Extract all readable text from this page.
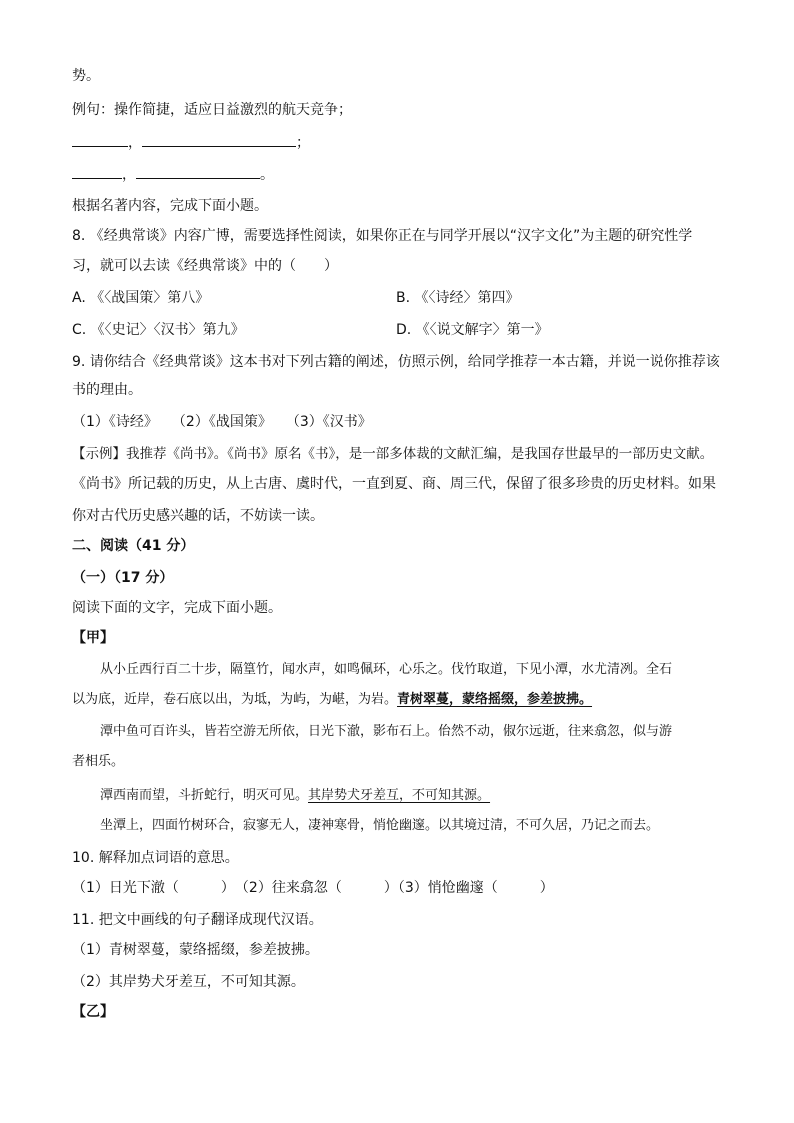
势。
例句：操作简捷，适应日益激烈的航天竞争；
，	；
，	。
根据名著内容，完成下面小题。
8. 《经典常谈》内容广博，需要选择性阅读，如果你正在与同学开展以“汉字文化”为主题的研究性学
习，就可以去读《经典常谈》中的（　　）
A. 《〈战国策〉第八》	B. 《〈诗经〉第四》
C. 《〈史记〉〈汉书〉第九》	D. 《〈说文解字〉第一》
9. 请你结合《经典常谈》这本书对下列古籍的阐述，仿照示例，给同学推荐一本古籍，并说一说你推荐该
书的理由。
（1）《诗经》　　（2）《战国策》　　（3）《汉书》
【示例】我推荐《尚书》。《尚书》原名《书》，是一部多体裁的文献汇编，是我国存世最早的一部历史文献。
《尚书》所记载的历史，从上古唐、虞时代，一直到夏、商、周三代，保留了很多珍贵的历史材料。如果
你对古代历史感兴趣的话，不妨读一读。
二、阅读（41 分）
（一）（17 分）
阅读下面的文字，完成下面小题。
【甲】
从小丘西行百二十步，隔篁竹，闻水声，如鸣佩环，心乐之。伐竹取道，下见小潭，水尤清冽。全石
以为底，近岸，卷石底以出，为坻，为屿，为嵁，为岩。青树翠蔓，蒙络摇缀，参差披拂。
潭中鱼可百许头，皆若空游无所依，日光下澈，影布石上。佁然不动，俶尔远逝，往来翕忽，似与游
者相乐。
潭西南而望，斗折蛇行，明灭可见。其岸势犬牙差互，不可知其源。
坐潭上，四面竹树环合，寂寥无人，凄神寒骨，悄怆幽邃。以其境过清，不可久居，乃记之而去。
10. 解释加点词语的意思。
（1）日光下澈（　　　）　（2）往来翕忽（　　　）（3）悄怆幽邃（　　　）
11. 把文中画线的句子翻译成现代汉语。
（1）青树翠蔓，蒙络摇缀，参差披拂。
（2）其岸势犬牙差互，不可知其源。
【乙】
